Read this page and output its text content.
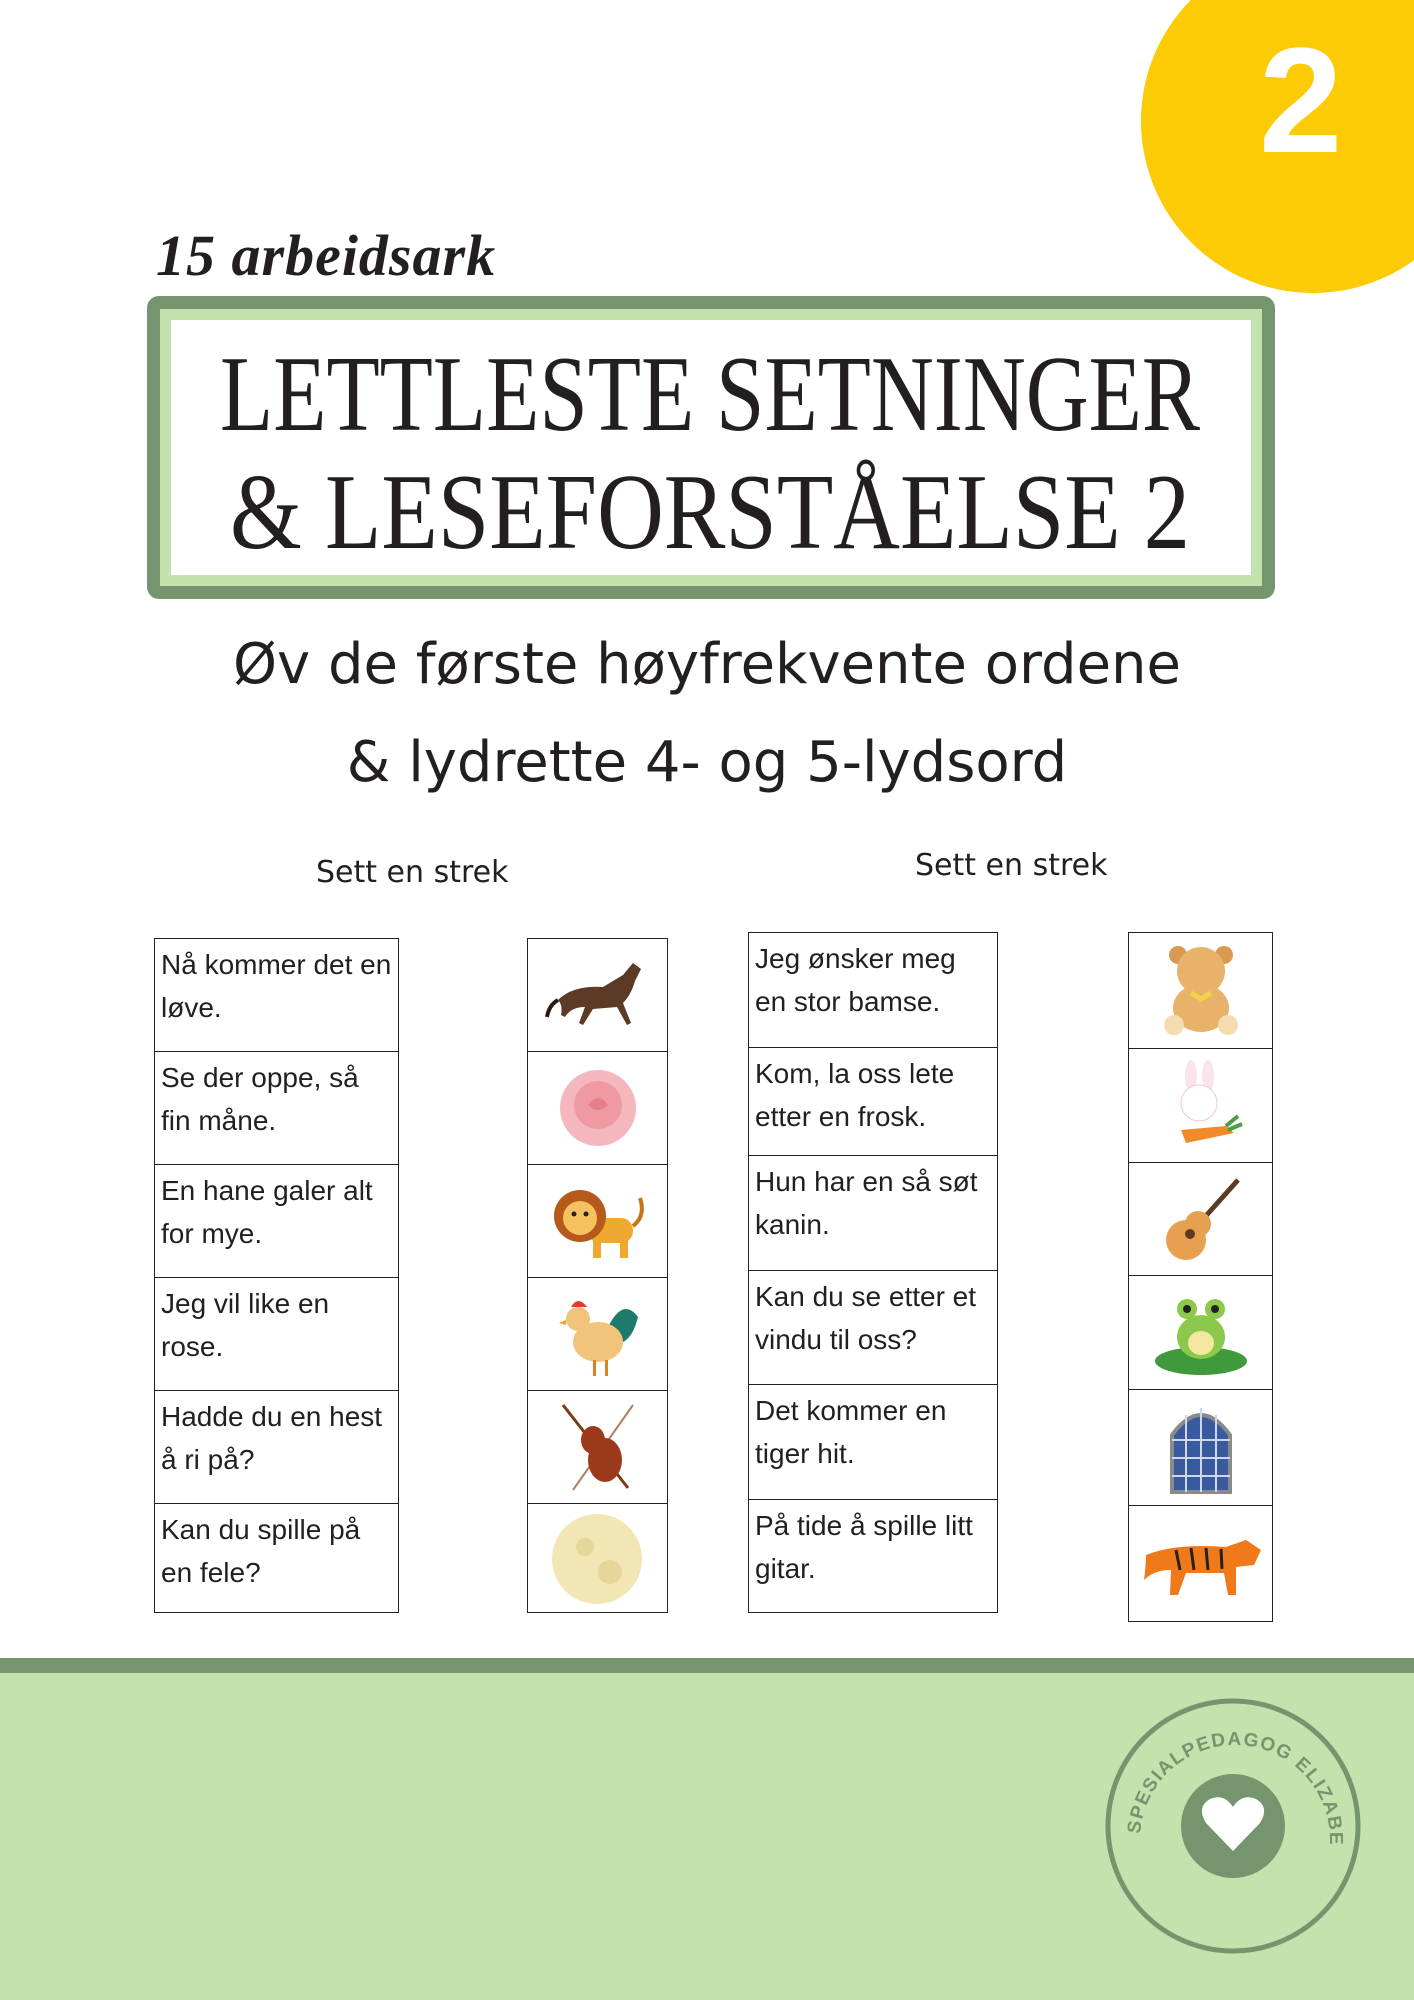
2
15 arbeidsark
LETTLESTE SETNINGER
& LESEFORSTÅELSE 2
Øv de første høyfrekvente ordene
& lydrette 4- og 5-lydsord
Sett en strek	Sett en strek
Nå kommer det en løve.
Se der oppe, så fin måne.
En hane galer alt for mye.
Jeg vil like en rose.
Hadde du en hest å ri på?
Kan du spille på en fele?
Jeg ønsker meg en stor bamse.
Kom, la oss lete etter en frosk.
Hun har en så søt kanin.
Kan du se etter et vindu til oss?
Det kommer en tiger hit.
På tide å spille litt gitar.
SPESIALPEDAGOG ELIZABE
